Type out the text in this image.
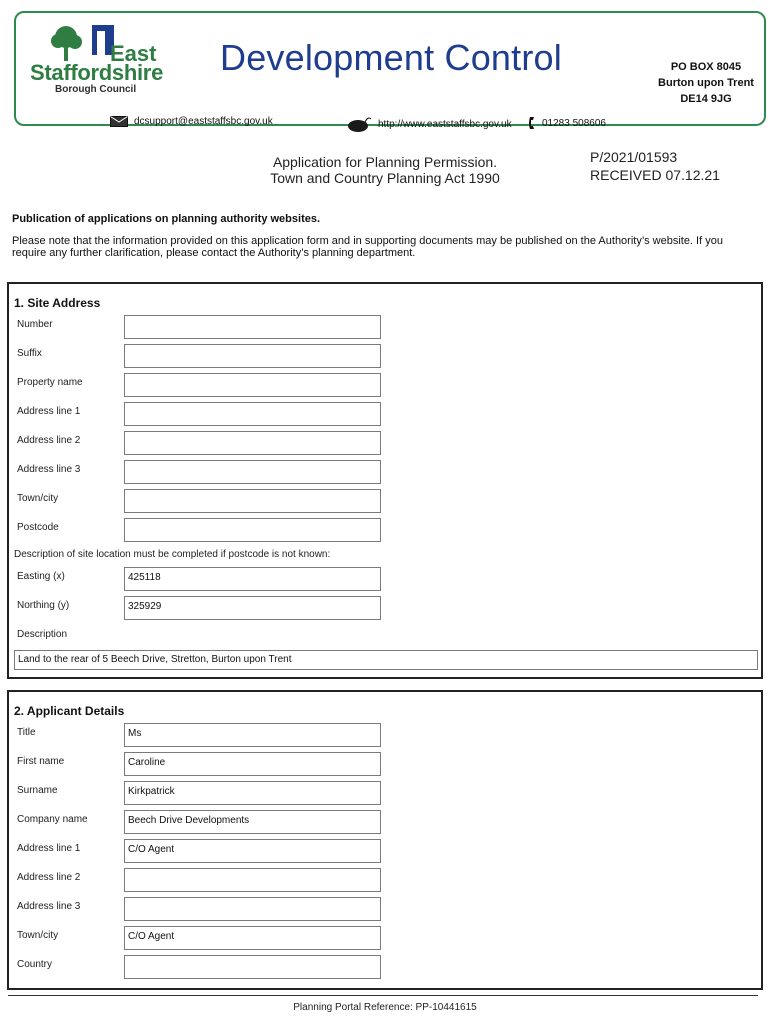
East
Staffordshire
Borough Council
Development Control	PO BOX 8045
Burton upon Trent
DE14 9JG
dcsupport@eaststaffsbc.gov.uk	http://www.eaststaffsbc.gov.uk	01283 508606
Application for Planning Permission.
Town and Country Planning Act 1990
P/2021/01593
RECEIVED 07.12.21
Publication of applications on planning authority websites.
Please note that the information provided on this application form and in supporting documents may be published on the Authority’s website. If you require any further clarification, please contact the Authority’s planning department.
1. Site Address
Number
Suffix
Property name
Address line 1
Address line 2
Address line 3
Town/city
Postcode
Description of site location must be completed if postcode is not known:
Easting (x)	425118
Northing (y)	325929
Description
Land to the rear of 5 Beech Drive, Stretton, Burton upon Trent
2. Applicant Details
Title	Ms
First name	Caroline
Surname	Kirkpatrick
Company name	Beech Drive Developments
Address line 1	C/O Agent
Address line 2
Address line 3
Town/city	C/O Agent
Country
Planning Portal Reference: PP-10441615
